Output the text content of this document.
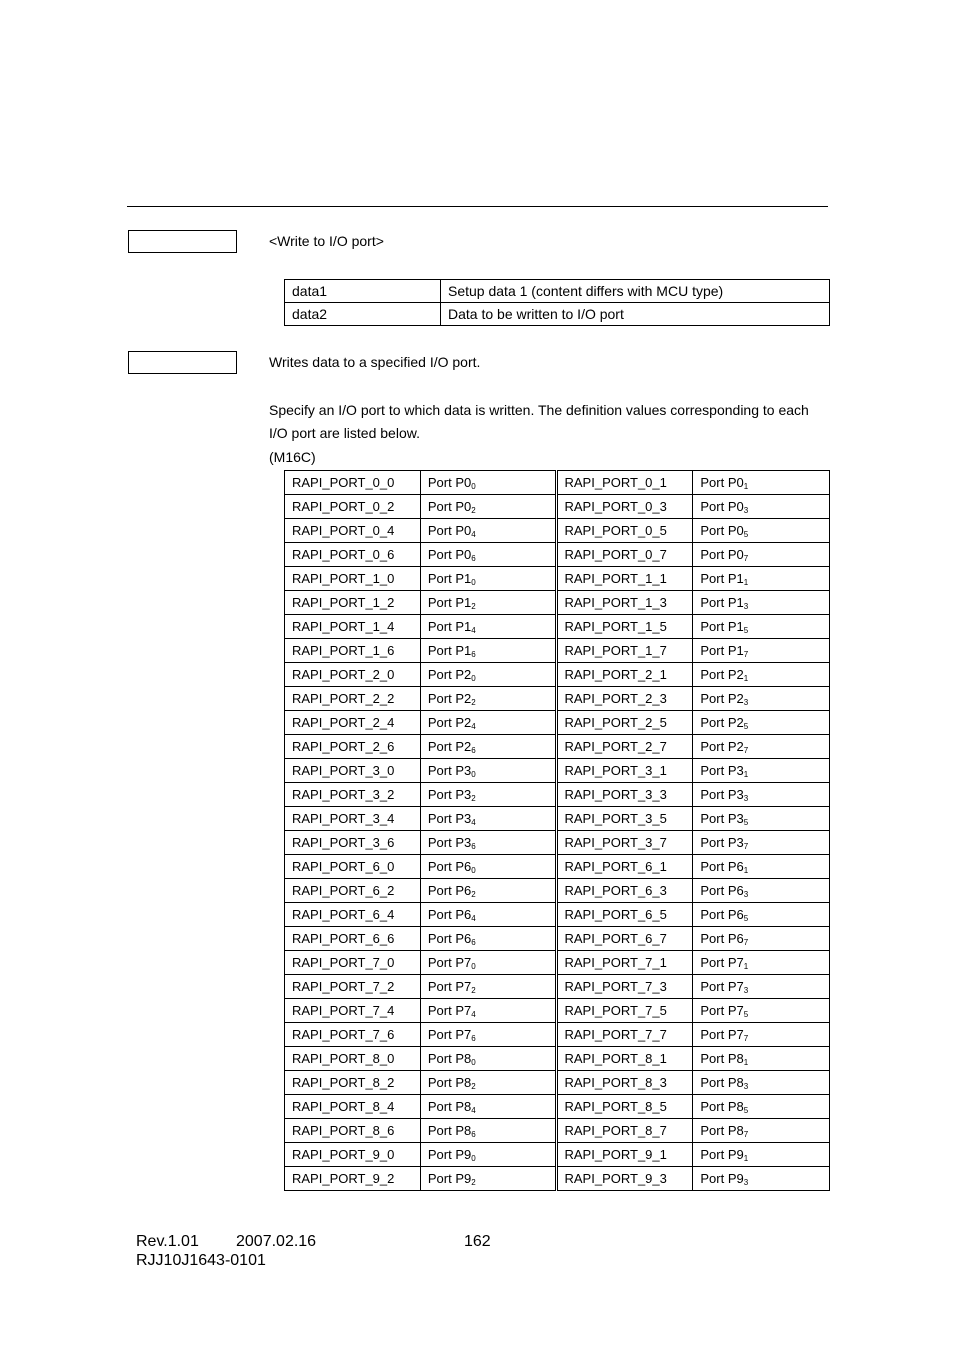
<Write to I/O port>
data1	Setup data 1 (content differs with MCU type)
data2	Data to be written to I/O port
Writes data to a specified I/O port.
Specify an I/O port to which data is written. The definition values corresponding to each
I/O port are listed below.
(M16C)
RAPI_PORT_0_0	Port $P0_0$	RAPI_PORT_0_1	Port $P0_1$
RAPI_PORT_0_2	Port $P0_2$	RAPI_PORT_0_3	Port $P0_3$
RAPI_PORT_0_4	Port $P0_4$	RAPI_PORT_0_5	Port $P0_5$
RAPI_PORT_0_6	Port $P0_6$	RAPI_PORT_0_7	Port $P0_7$
RAPI_PORT_1_0	Port $P1_0$	RAPI_PORT_1_1	Port $P1_1$
RAPI_PORT_1_2	Port $P1_2$	RAPI_PORT_1_3	Port $P1_3$
RAPI_PORT_1_4	Port $P1_4$	RAPI_PORT_1_5	Port $P1_5$
RAPI_PORT_1_6	Port $P1_6$	RAPI_PORT_1_7	Port $P1_7$
RAPI_PORT_2_0	Port $P2_0$	RAPI_PORT_2_1	Port $P2_1$
RAPI_PORT_2_2	Port $P2_2$	RAPI_PORT_2_3	Port $P2_3$
RAPI_PORT_2_4	Port $P2_4$	RAPI_PORT_2_5	Port $P2_5$
RAPI_PORT_2_6	Port $P2_6$	RAPI_PORT_2_7	Port $P2_7$
RAPI_PORT_3_0	Port $P3_0$	RAPI_PORT_3_1	Port $P3_1$
RAPI_PORT_3_2	Port $P3_2$	RAPI_PORT_3_3	Port $P3_3$
RAPI_PORT_3_4	Port $P3_4$	RAPI_PORT_3_5	Port $P3_5$
RAPI_PORT_3_6	Port $P3_6$	RAPI_PORT_3_7	Port $P3_7$
RAPI_PORT_6_0	Port $P6_0$	RAPI_PORT_6_1	Port $P6_1$
RAPI_PORT_6_2	Port $P6_2$	RAPI_PORT_6_3	Port $P6_3$
RAPI_PORT_6_4	Port $P6_4$	RAPI_PORT_6_5	Port $P6_5$
RAPI_PORT_6_6	Port $P6_6$	RAPI_PORT_6_7	Port $P6_7$
RAPI_PORT_7_0	Port $P7_0$	RAPI_PORT_7_1	Port $P7_1$
RAPI_PORT_7_2	Port $P7_2$	RAPI_PORT_7_3	Port $P7_3$
RAPI_PORT_7_4	Port $P7_4$	RAPI_PORT_7_5	Port $P7_5$
RAPI_PORT_7_6	Port $P7_6$	RAPI_PORT_7_7	Port $P7_7$
RAPI_PORT_8_0	Port $P8_0$	RAPI_PORT_8_1	Port $P8_1$
RAPI_PORT_8_2	Port $P8_2$	RAPI_PORT_8_3	Port $P8_3$
RAPI_PORT_8_4	Port $P8_4$	RAPI_PORT_8_5	Port $P8_5$
RAPI_PORT_8_6	Port $P8_6$	RAPI_PORT_8_7	Port $P8_7$
RAPI_PORT_9_0	Port $P9_0$	RAPI_PORT_9_1	Port $P9_1$
RAPI_PORT_9_2	Port $P9_2$	RAPI_PORT_9_3	Port $P9_3$
Rev.1.01 2007.02.16	162
RJJ10J1643-0101
